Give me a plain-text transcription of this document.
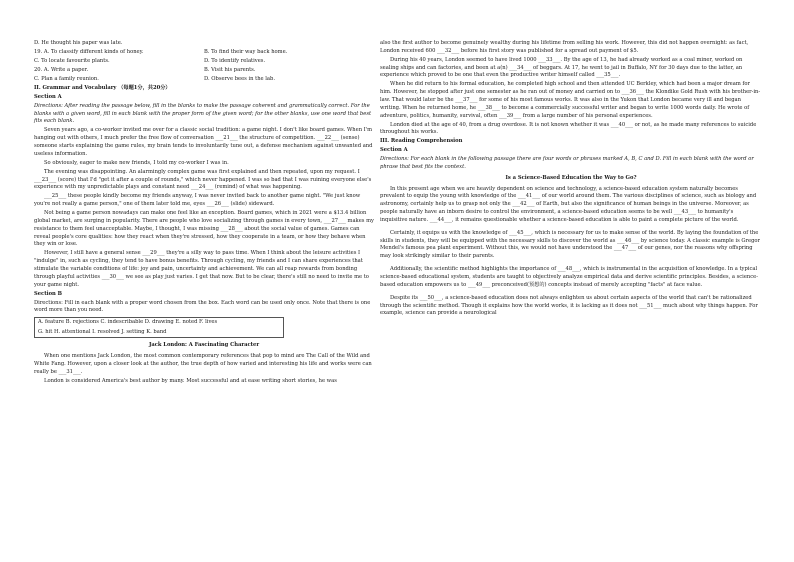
D. He thought his paper was late.

19. A. To classify different kinds of honey.	B. To find their way back home.

C. To locate favourite plants.	D. To identify relatives.

20. A. Write a paper.	B. Visit his parents.

C. Plan a family reunion.	D. Observe bees in the lab.

II. Grammar and Vocabulary （每题1分，共20分）

Section A

Directions: After reading the passage below, fill in the blanks to make the passage coherent and grammatically correct. For the blanks with a given word, fill in each blank with the proper form of the given word; for the other blanks, use one word that best fits each blank.

Seven years ago, a co-worker invited me over for a classic social tradition: a game night. I don't like board games. When I'm hanging out with others, I much prefer the free flow of conversation ___21___ the structure of competition. ___22___ (sense) someone starts explaining the game rules, my brain tends to involuntarily tune out, a defense mechanism against unwanted and useless information.

So obviously, eager to make new friends, I told my co-worker I was in.

The evening was disappointing. An alarmingly complex game was first explained and then repeated, upon my request. I ___23___ (score) that I'd "get it after a couple of rounds," which never happened. I was so bad that I was ruining everyone else's experience with my unpredictable plays and constant need ___24___ (remind) of what was happening.

___25___ these people kindly become my friends anyway, I was never invited back to another game night. "We just know you're not really a game person," one of them later told me, eyes ___26___ (slide) sideward.

Not being a game person nowadays can make one feel like an exception. Board games, which in 2021 were a $13.4 billion global market, are surging in popularity. There are people who love socializing through games in every town, ___27___ makes my resistance to them feel unacceptable. Maybe, I thought, I was missing ___28___ about the social value of games. Games can reveal people's core qualities: how they react when they're stressed, how they cooperate in a team, or how they behave when they win or lose.

However, I still have a general sense ___29___ they're a silly way to pass time. When I think about the leisure activities I "indulge" in, such as cycling, they tend to have bonus benefits. Through cycling, my friends and I can share experiences that stimulate the variable conditions of life: joy and pain, uncertainty and achievement. We can all reap rewards from bonding through playful activities ___30___ we see as play just varies. I get that now. But to be clear, there's still no need to invite me to your game night.

Section B

Directions: Fill in each blank with a proper word chosen from the box. Each word can be used only once. Note that there is one word more than you need.

A. feature B. rejections C. indescribable D. drawing E. noted F. lives
G. hit H. attentional I. resolved J. setting K. band

Jack London: A Fascinating Character

When one mentions Jack London, the most common contemporary references that pop to mind are The Call of the Wild and White Fang. However, upon a closer look at the author, the true depth of how varied and interesting his life and works were can really be ___31___.

London is considered America's best author by many. Most successful and at ease writing short stories, he was

also the first author to become genuinely wealthy during his lifetime from selling his work. However, this did not happen overnight: as fact, London received 600 ___32___ before his first story was published for a spread out payment of $5.

During his 40 years, London seemed to have lived 1000 ___33___. By the age of 13, he had already worked as a coal miner, worked on sealing ships and can factories, and been at a(n) ___34___ of beggars. At 17, he went to jail in Buffalo, NY for 30 days due to the latter, an experience which proved to be one that even the productive writer himself called ___35___.

When he did return to his formal education, he completed high school and then attended UC Berkley, which had been a major dream for him. However, he stopped after just one semester as he ran out of money and carried on to ___36___ the Klondike Gold Rush with his brother-in-law. That would later be the ___37___ for some of his most famous works. It was also in the Yukon that London became very ill and began writing. When he returned home, he ___38___ to become a commercially successful writer and began to write 1000 words daily. He wrote of adventure, politics, humanity, survival, often ___39___ from a large number of his personal experiences.

London died at the age of 40, from a drug overdose. It is not known whether it was ___40___ or not, as he made many references to suicide throughout his works.

III. Reading Comprehension

Section A

Directions: For each blank in the following passage there are four words or phrases marked A, B, C and D. Fill in each blank with the word or phrase that best fits the context.

Is a Science-Based Education the Way to Go?

In this present age when we are heavily dependent on science and technology, a science-based education system naturally becomes prevalent to equip the young with knowledge of the ___41___ of our world around them. The various disciplines of science, such as biology and astronomy, certainly help us to grasp not only the ___42___ of Earth, but also the significance of human beings in the universe. Moreover, as people naturally have an inborn desire to control the environment, a science-based education seems to be well ___43___ to humanity's inquisitive nature. ___44___, it remains questionable whether a science-based education is able to paint a complete picture of the world.

Certainly, it equips us with the knowledge of ___45___, which is necessary for us to make sense of the world. By laying the foundation of the skills in students, they will be equipped with the necessary skills to discover the world as ___46___ by science today. A classic example is Gregor Mendel's famous pea plant experiment. Without this, we would not have understood the ___47___ of our genes, nor the reasons why offspring may look strikingly similar to their parents.

Additionally, the scientific method highlights the importance of ___48___, which is instrumental in the acquisition of knowledge. In a typical science-based educational system, students are taught to objectively analyze empirical data and derive scientific principles. Besides, a science-based education empowers us to ___49___ preconceived(预想的) concepts instead of merely accepting "facts" at face value.

Despite its ___50___, a science-based education does not always enlighten us about certain aspects of the world that can't be rationalized through the scientific method. Though it explains how the world works, it is lacking as it does not ___51___ much about why things happen. For example, science can provide a neurological
